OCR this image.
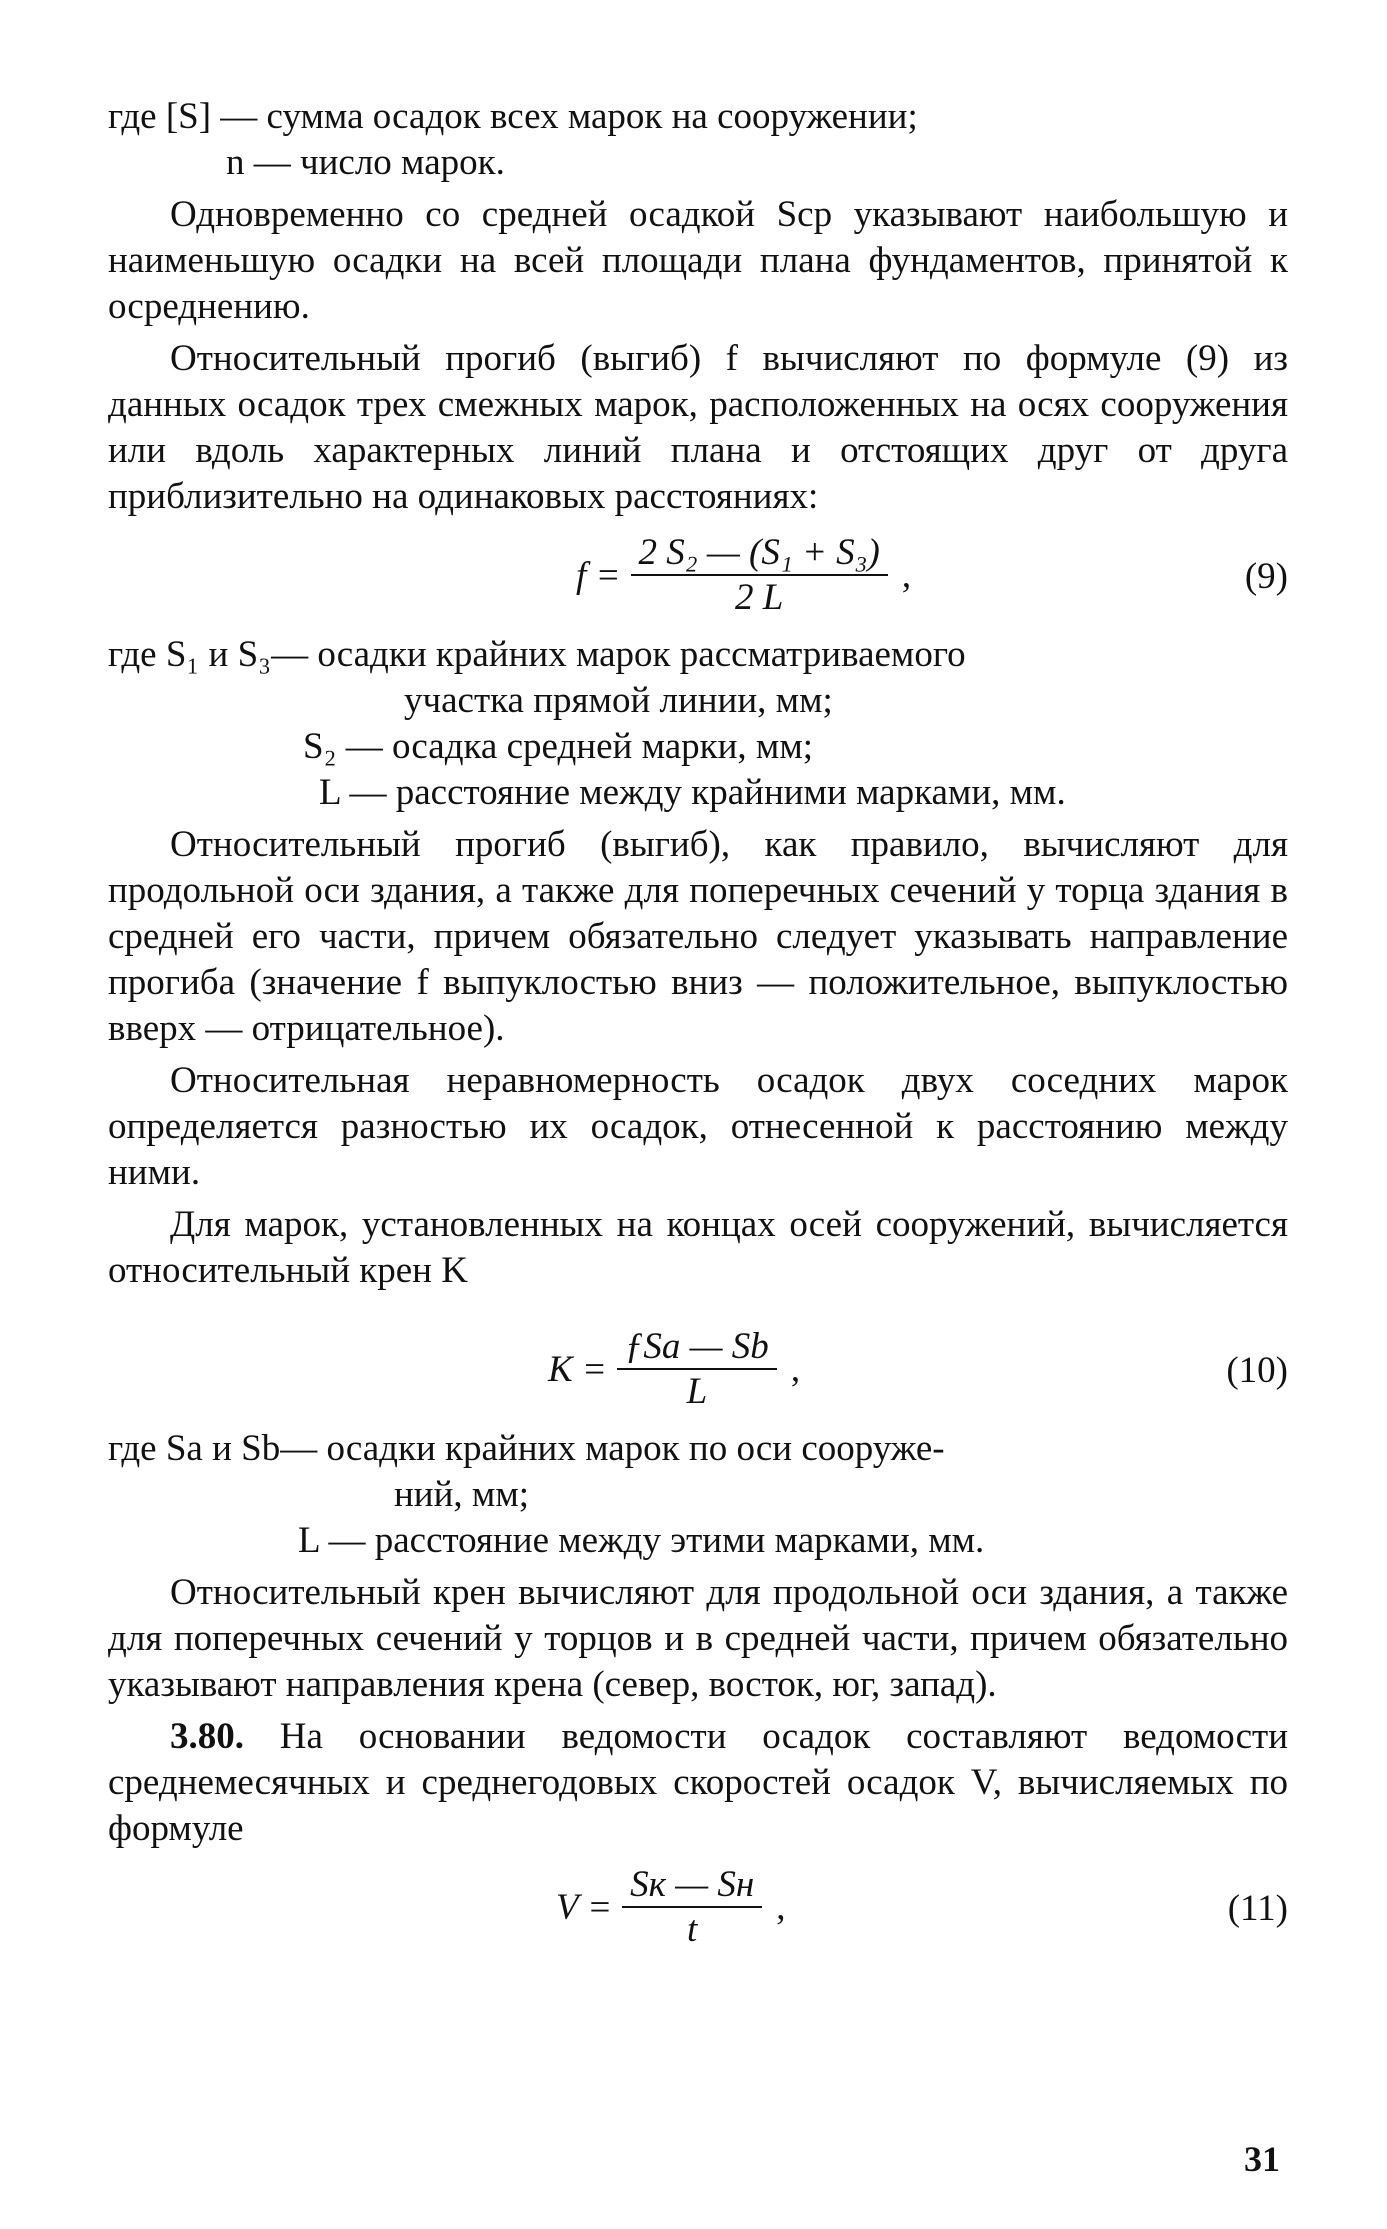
где [S] — сумма осадок всех марок на сооружении;

n — число марок.

Одновременно со средней осадкой Sср указывают наибольшую и наименьшую осадки на всей площади плана фундаментов, принятой к осреднению.

Относительный прогиб (выгиб) f вычисляют по формуле (9) из данных осадок трех смежных марок, расположенных на осях сооружения или вдоль характерных линий плана и отстоящих друг от друга приблизительно на одинаковых расстояниях:

$f = \frac{\text{2 S₂ — (S₁ + S₃)}}{2 L}$ ,	(9)
где S₁ и S₃ — осадки крайних марок рассматриваемого

участка прямой линии, мм;

S₂ — осадка средней марки, мм;

L — расстояние между крайними марками, мм.

Относительный прогиб (выгиб), как правило, вычисляют для продольной оси здания, а также для поперечных сечений у торца здания в средней его части, причем обязательно следует указывать направление прогиба (значение f выпуклостью вниз — положительное, выпуклостью вверх — отрицательное).

Относительная неравномерность осадок двух соседних марок определяется разностью их осадок, отнесенной к расстоянию между ними.

Для марок, установленных на концах осей сооружений, вычисляется относительный крен K

$K = \frac{\text{ƒSa — Sb}}{L}$ ,	(10)
где Sa и Sb — осадки крайних марок по оси сооруже-

ний, мм;

L — расстояние между этими марками, мм.

Относительный крен вычисляют для продольной оси здания, а также для поперечных сечений у торцов и в средней части, причем обязательно указывают направления крена (север, восток, юг, запад).

3.80. На основании ведомости осадок составляют ведомости среднемесячных и среднегодовых скоростей осадок V, вычисляемых по формуле

$V = \frac{Sк — Sн}{t}$ ,	(11)
31
